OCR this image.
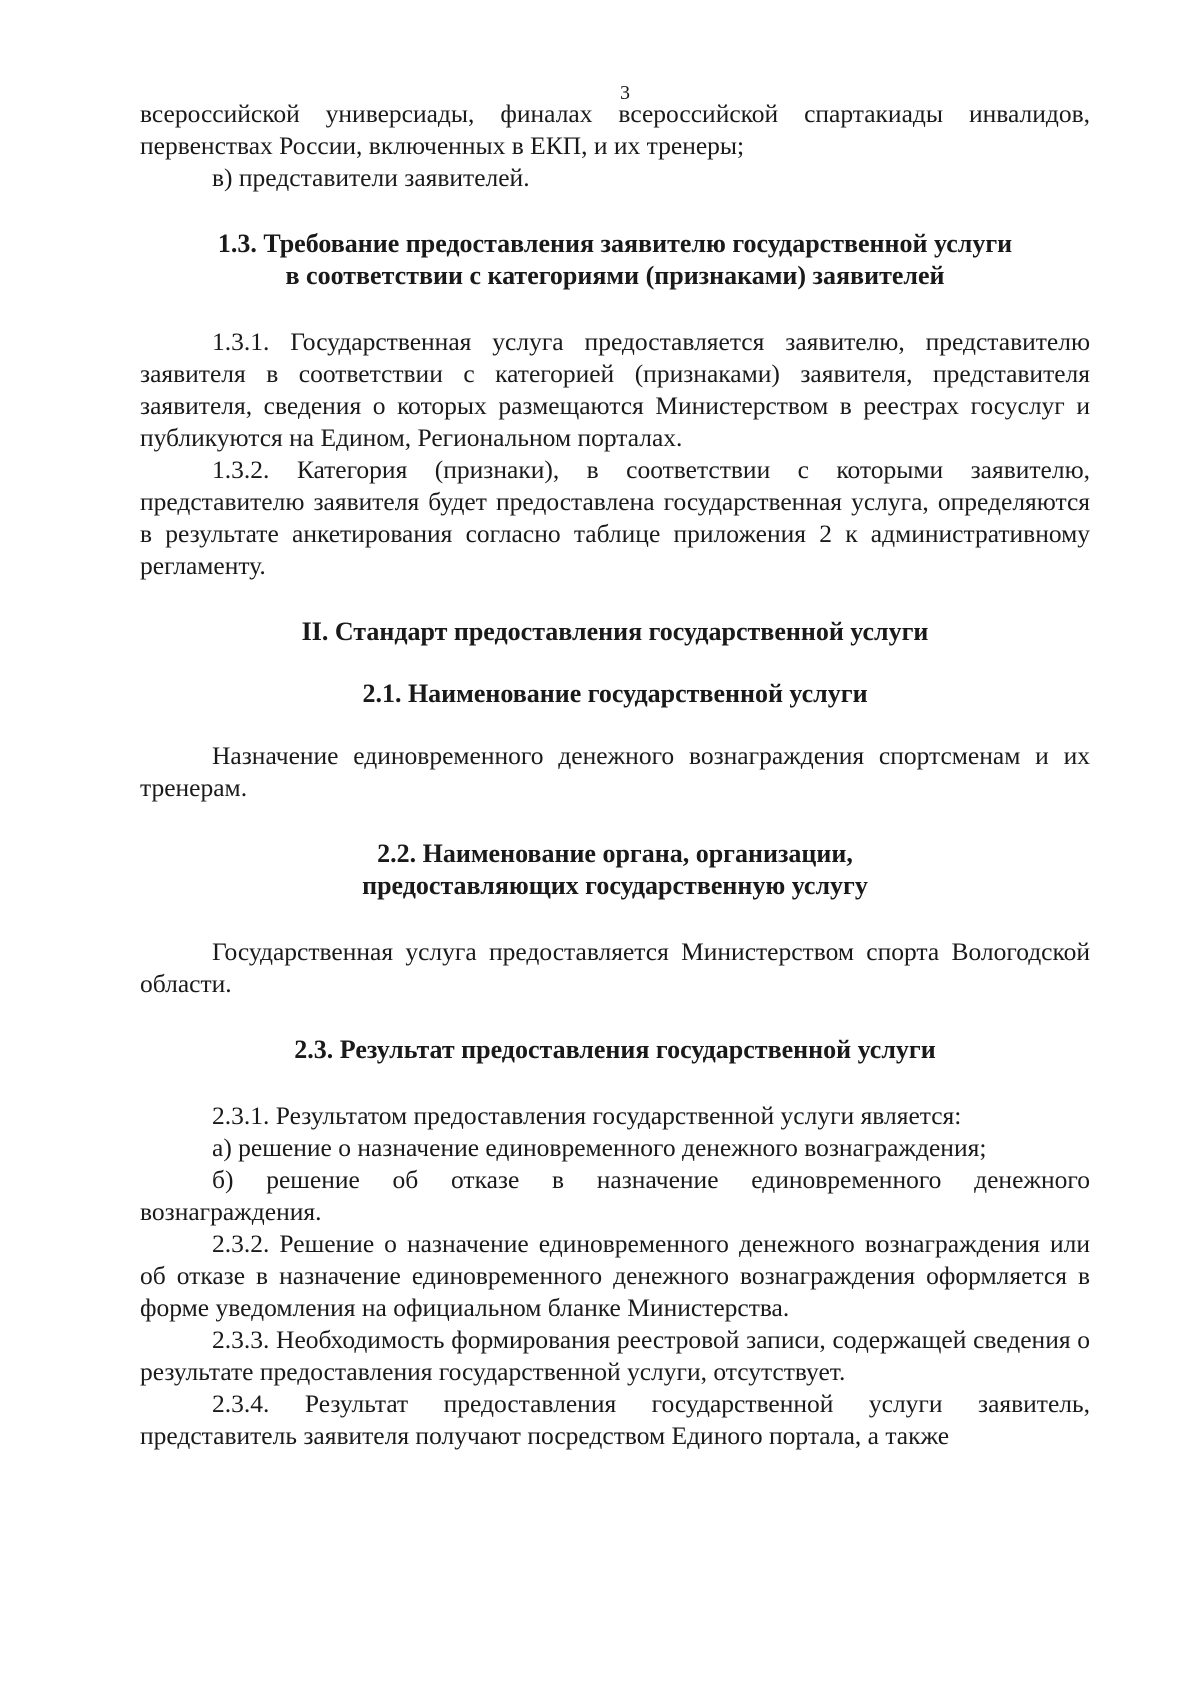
3

всероссийской универсиады, финалах всероссийской спартакиады инвалидов, первенствах России, включенных в ЕКП, и их тренеры;

в) представители заявителей.

1.3. Требование предоставления заявителю государственной услуги
в соответствии с категориями (признаками) заявителей

1.3.1. Государственная услуга предоставляется заявителю, представителю заявителя в соответствии с категорией (признаками) заявителя, представителя заявителя, сведения о которых размещаются Министерством в реестрах госуслуг и публикуются на Едином, Региональном порталах.

1.3.2. Категория (признаки), в соответствии с которыми заявителю, представителю заявителя будет предоставлена государственная услуга, определяются в результате анкетирования согласно таблице приложения 2 к административному регламенту.

II. Стандарт предоставления государственной услуги
2.1. Наименование государственной услуги

Назначение единовременного денежного вознаграждения спортсменам и их тренерам.

2.2. Наименование органа, организации,
предоставляющих государственную услугу

Государственная услуга предоставляется Министерством спорта Вологодской области.

2.3. Результат предоставления государственной услуги

2.3.1. Результатом предоставления государственной услуги является:

а) решение о назначение единовременного денежного вознаграждения;

б) решение об отказе в назначение единовременного денежного вознаграждения.

2.3.2. Решение о назначение единовременного денежного вознаграждения или об отказе в назначение единовременного денежного вознаграждения оформляется в форме уведомления на официальном бланке Министерства.

2.3.3. Необходимость формирования реестровой записи, содержащей сведения о результате предоставления государственной услуги, отсутствует.

2.3.4. Результат предоставления государственной услуги заявитель, представитель заявителя получают посредством Единого портала, а также
